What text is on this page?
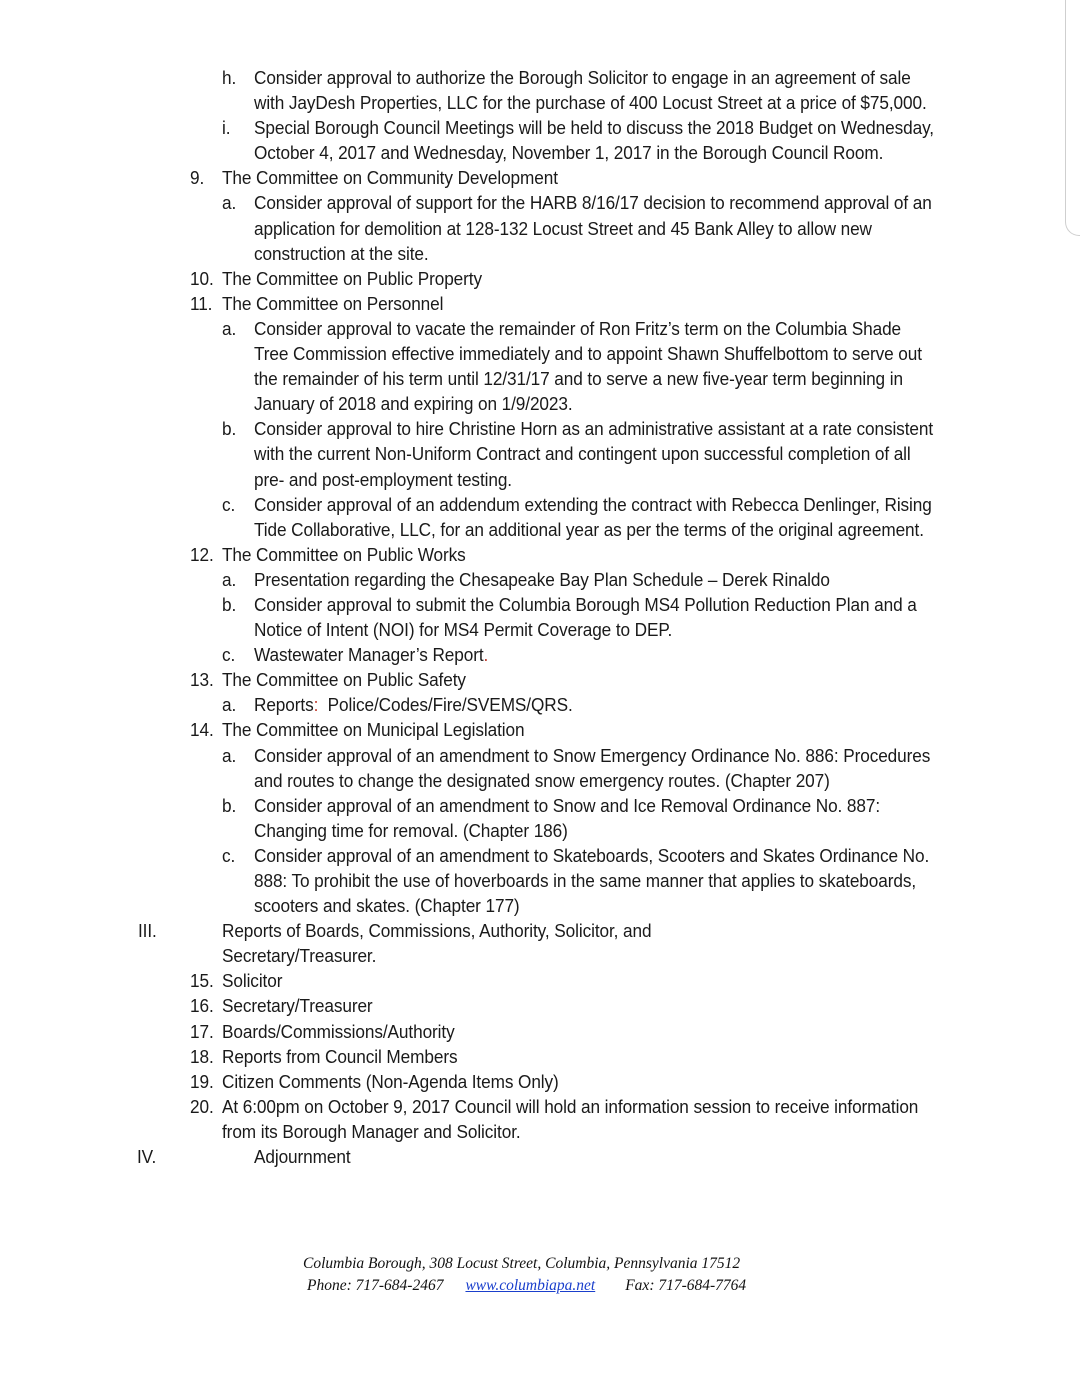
h. Consider approval to authorize the Borough Solicitor to engage in an agreement of sale
with JayDesh Properties, LLC for the purchase of 400 Locust Street at a price of $75,000.
i. Special Borough Council Meetings will be held to discuss the 2018 Budget on Wednesday,
October 4, 2017 and Wednesday, November 1, 2017 in the Borough Council Room.
9. The Committee on Community Development
a. Consider approval of support for the HARB 8/16/17 decision to recommend approval of an
application for demolition at 128-132 Locust Street and 45 Bank Alley to allow new
construction at the site.
10. The Committee on Public Property
11. The Committee on Personnel
a. Consider approval to vacate the remainder of Ron Fritz’s term on the Columbia Shade
Tree Commission effective immediately and to appoint Shawn Shuffelbottom to serve out
the remainder of his term until 12/31/17 and to serve a new five-year term beginning in
January of 2018 and expiring on 1/9/2023.
b. Consider approval to hire Christine Horn as an administrative assistant at a rate consistent
with the current Non-Uniform Contract and contingent upon successful completion of all
pre- and post-employment testing.
c. Consider approval of an addendum extending the contract with Rebecca Denlinger, Rising
Tide Collaborative, LLC, for an additional year as per the terms of the original agreement.
12. The Committee on Public Works
a. Presentation regarding the Chesapeake Bay Plan Schedule – Derek Rinaldo
b. Consider approval to submit the Columbia Borough MS4 Pollution Reduction Plan and a
Notice of Intent (NOI) for MS4 Permit Coverage to DEP.
c. Wastewater Manager’s Report.
13. The Committee on Public Safety
a. Reports:  Police/Codes/Fire/SVEMS/QRS.
14. The Committee on Municipal Legislation
a. Consider approval of an amendment to Snow Emergency Ordinance No. 886: Procedures
and routes to change the designated snow emergency routes. (Chapter 207)
b. Consider approval of an amendment to Snow and Ice Removal Ordinance No. 887:
Changing time for removal. (Chapter 186)
c. Consider approval of an amendment to Skateboards, Scooters and Skates Ordinance No.
888: To prohibit the use of hoverboards in the same manner that applies to skateboards,
scooters and skates. (Chapter 177)
III.	Reports of Boards, Commissions, Authority, Solicitor, and
Secretary/Treasurer.
15. Solicitor
16. Secretary/Treasurer
17. Boards/Commissions/Authority
18. Reports from Council Members
19. Citizen Comments (Non-Agenda Items Only)
20. At 6:00pm on October 9, 2017 Council will hold an information session to receive information
from its Borough Manager and Solicitor.
IV.	Adjournment
Columbia Borough, 308 Locust Street, Columbia, Pennsylvania 17512
Phone: 717-684-2467 www.columbiapa.net Fax: 717-684-7764
